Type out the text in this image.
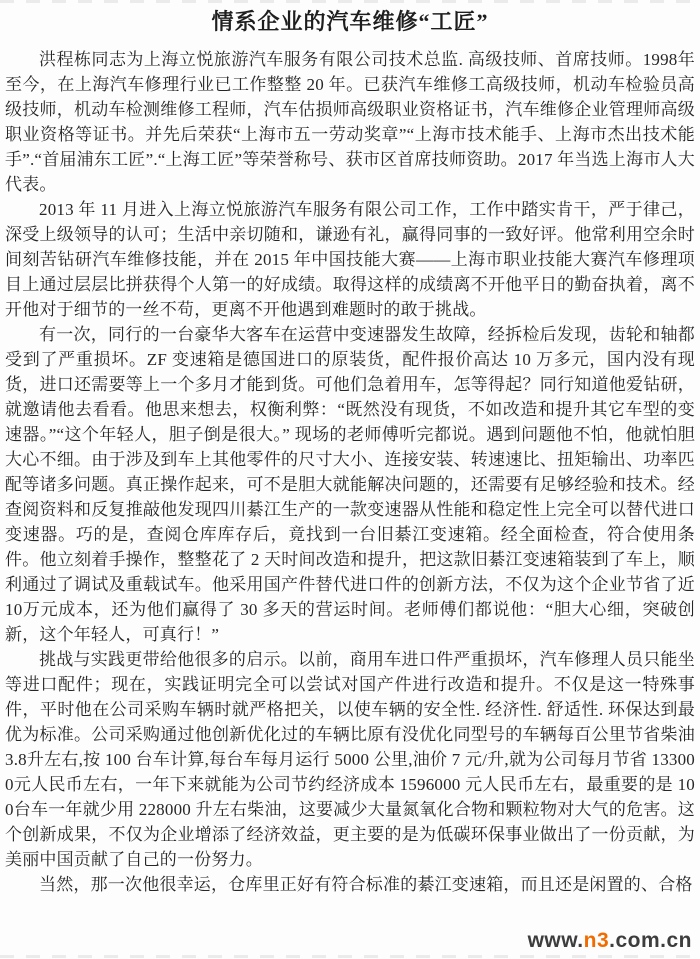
情系企业的汽车维修“工匠”

洪程栋同志为上海立悦旅游汽车服务有限公司技术总监. 高级技师、首席技师。1998年至今，在上海汽车修理行业已工作整整 20 年。已获汽车维修工高级技师，机动车检验员高级技师，机动车检测维修工程师，汽车估损师高级职业资格证书，汽车维修企业管理师高级职业资格等证书。并先后荣获“上海市五一劳动奖章”“上海市技术能手、上海市杰出技术能手”.“首届浦东工匠”.“上海工匠”等荣誉称号、获市区首席技师资助。2017 年当选上海市人大代表。

2013 年 11 月进入上海立悦旅游汽车服务有限公司工作，工作中踏实肯干，严于律己，深受上级领导的认可；生活中亲切随和，谦逊有礼，赢得同事的一致好评。他常利用空余时间刻苦钻研汽车维修技能，并在 2015 年中国技能大赛——上海市职业技能大赛汽车修理项目上通过层层比拼获得个人第一的好成绩。取得这样的成绩离不开他平日的勤奋执着，离不开他对于细节的一丝不苟，更离不开他遇到难题时的敢于挑战。

有一次，同行的一台豪华大客车在运营中变速器发生故障，经拆检后发现，齿轮和轴都受到了严重损坏。ZF 变速箱是德国进口的原装货，配件报价高达 10 万多元，国内没有现货，进口还需要等上一个多月才能到货。可他们急着用车，怎等得起？同行知道他爱钻研，就邀请他去看看。他思来想去，权衡利弊：“既然没有现货，不如改造和提升其它车型的变速器。”“这个年轻人，胆子倒是很大。” 现场的老师傅听完都说。遇到问题他不怕，他就怕胆大心不细。由于涉及到车上其他零件的尺寸大小、连接安装、转速速比、扭矩输出、功率匹配等诸多问题。真正操作起来，可不是胆大就能解决问题的，还需要有足够经验和技术。经查阅资料和反复推敲他发现四川綦江生产的一款变速器从性能和稳定性上完全可以替代进口变速器。巧的是，查阅仓库库存后，竟找到一台旧綦江变速箱。经全面检查，符合使用条件。他立刻着手操作，整整花了 2 天时间改造和提升，把这款旧綦江变速箱装到了车上，顺利通过了调试及重载试车。他采用国产件替代进口件的创新方法，不仅为这个企业节省了近 10万元成本，还为他们赢得了 30 多天的营运时间。老师傅们都说他：“胆大心细，突破创新，这个年轻人，可真行！”

挑战与实践更带给他很多的启示。以前，商用车进口件严重损坏，汽车修理人员只能坐等进口配件；现在，实践证明完全可以尝试对国产件进行改造和提升。不仅是这一特殊事件，平时他在公司采购车辆时就严格把关，以使车辆的安全性. 经济性. 舒适性. 环保达到最优为标准。公司采购通过他创新优化过的车辆比原有没优化同型号的车辆每百公里节省柴油 3.8升左右,按 100 台车计算,每台车每月运行 5000 公里,油价 7 元/升,就为公司每月节省 133000元人民币左右，一年下来就能为公司节约经济成本 1596000 元人民币左右，最重要的是 100台车一年就少用 228000 升左右柴油，这要减少大量氮氧化合物和颗粒物对大气的危害。这个创新成果，不仅为企业增添了经济效益，更主要的是为低碳环保事业做出了一份贡献，为美丽中国贡献了自己的一份努力。

当然，那一次他很幸运，仓库里正好有符合标准的綦江变速箱，而且还是闲置的、合格

www.n3.com.cn
